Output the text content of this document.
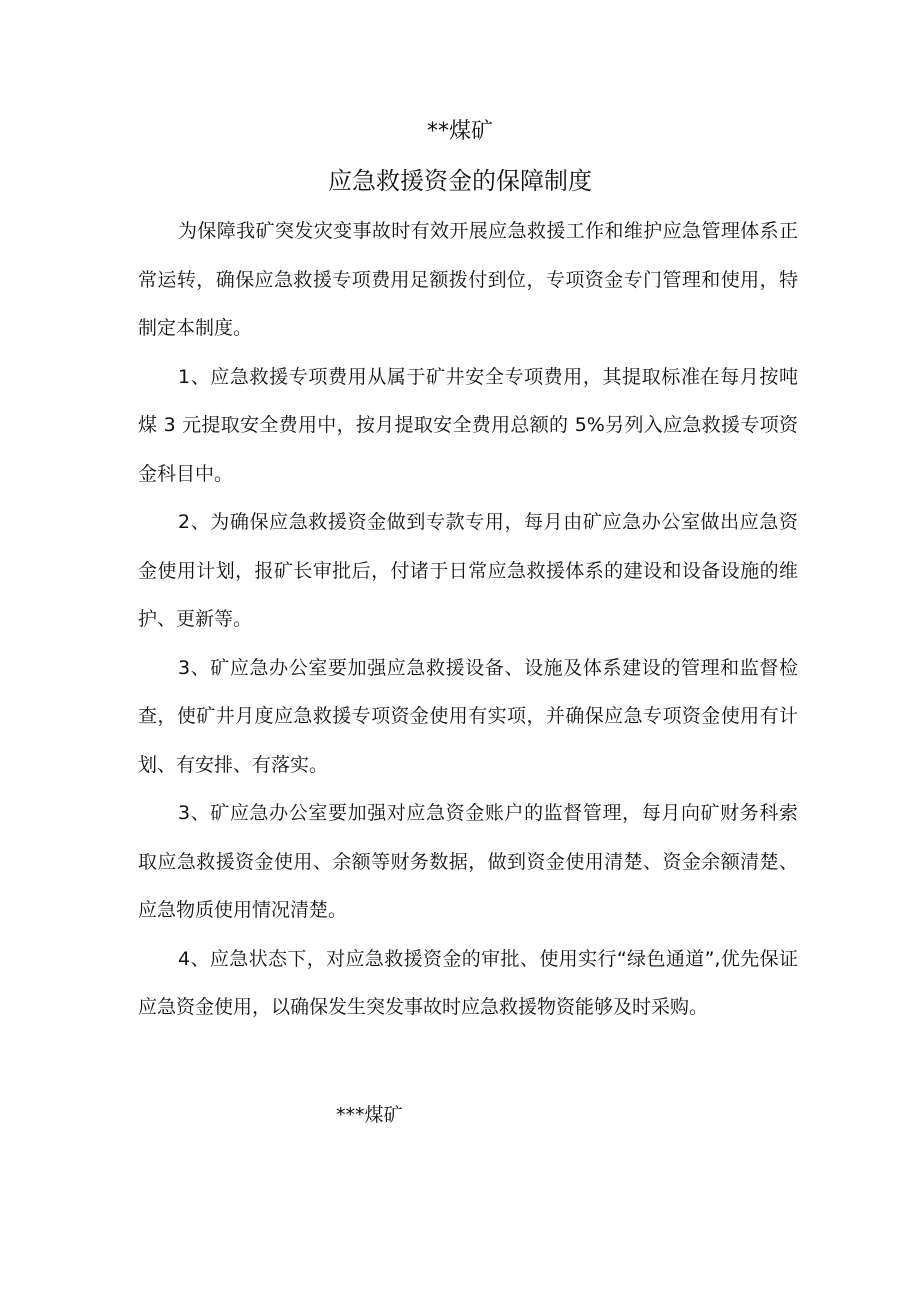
**煤矿
应急救援资金的保障制度

为保障我矿突发灾变事故时有效开展应急救援工作和维护应急管理体系正常运转，确保应急救援专项费用足额拨付到位，专项资金专门管理和使用，特制定本制度。

1、应急救援专项费用从属于矿井安全专项费用，其提取标准在每月按吨煤 3 元提取安全费用中，按月提取安全费用总额的 5%另列入应急救援专项资金科目中。

2、为确保应急救援资金做到专款专用，每月由矿应急办公室做出应急资金使用计划，报矿长审批后，付诸于日常应急救援体系的建设和设备设施的维护、更新等。

3、矿应急办公室要加强应急救援设备、设施及体系建设的管理和监督检查，使矿井月度应急救援专项资金使用有实项，并确保应急专项资金使用有计划、有安排、有落实。

3、矿应急办公室要加强对应急资金账户的监督管理，每月向矿财务科索取应急救援资金使用、余额等财务数据，做到资金使用清楚、资金余额清楚、应急物质使用情况清楚。

4、应急状态下，对应急救援资金的审批、使用实行“绿色通道”,优先保证应急资金使用，以确保发生突发事故时应急救援物资能够及时采购。

***煤矿
